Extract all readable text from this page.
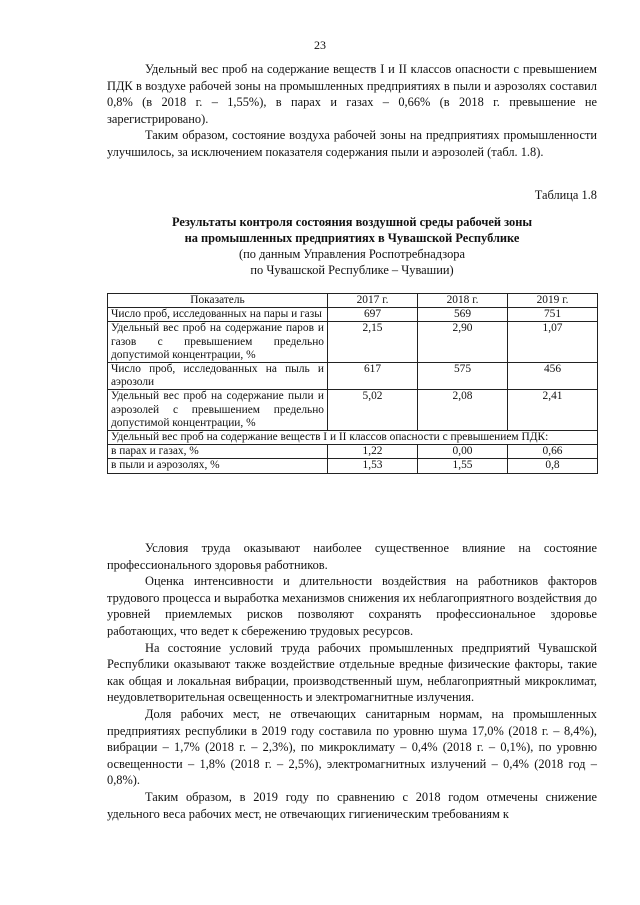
23

Удельный вес проб на содержание веществ I и II классов опасности с превышением ПДК в воздухе рабочей зоны на промышленных предприятиях в пыли и аэрозолях составил 0,8% (в 2018 г. – 1,55%), в парах и газах – 0,66% (в 2018 г. превышение не зарегистрировано).

Таким образом, состояние воздуха рабочей зоны на предприятиях промышленности улучшилось, за исключением показателя содержания пыли и аэрозолей (табл. 1.8).

Таблица 1.8
Результаты контроля состояния воздушной среды рабочей зоны
на промышленных предприятиях в Чувашской Республике
(по данным Управления Роспотребнадзора
по Чувашской Республике – Чувашии)
Показатель	2017 г.	2018 г.	2019 г.
Число проб, исследованных на пары и газы	697	569	751
Удельный вес проб на содержание паров и газов с превышением предельно допустимой концентрации, %	2,15	2,90	1,07
Число проб, исследованных на пыль и аэрозоли	617	575	456
Удельный вес проб на содержание пыли и аэрозолей с превышением предельно допустимой концентрации, %	5,02	2,08	2,41
Удельный вес проб на содержание веществ I и II классов опасности с превышением ПДК:			
в парах и газах, %	1,22	0,00	0,66
в пыли и аэрозолях, %	1,53	1,55	0,8

Условия труда оказывают наиболее существенное влияние на состояние профессионального здоровья работников.

Оценка интенсивности и длительности воздействия на работников факторов трудового процесса и выработка механизмов снижения их неблагоприятного воздействия до уровней приемлемых рисков позволяют сохранять профессиональное здоровье работающих, что ведет к сбережению трудовых ресурсов.

На состояние условий труда рабочих промышленных предприятий Чувашской Республики оказывают также воздействие отдельные вредные физические факторы, такие как общая и локальная вибрации, производственный шум, неблагоприятный микроклимат, неудовлетворительная освещенность и электромагнитные излучения.

Доля рабочих мест, не отвечающих санитарным нормам, на промышленных предприятиях республики в 2019 году составила по уровню шума 17,0% (2018 г. – 8,4%), вибрации – 1,7% (2018 г. – 2,3%), по микроклимату – 0,4% (2018 г. – 0,1%), по уровню освещенности – 1,8% (2018 г. – 2,5%), электромагнитных излучений – 0,4% (2018 год – 0,8%).

Таким образом, в 2019 году по сравнению с 2018 годом отмечены снижение удельного веса рабочих мест, не отвечающих гигиеническим требованиям к
